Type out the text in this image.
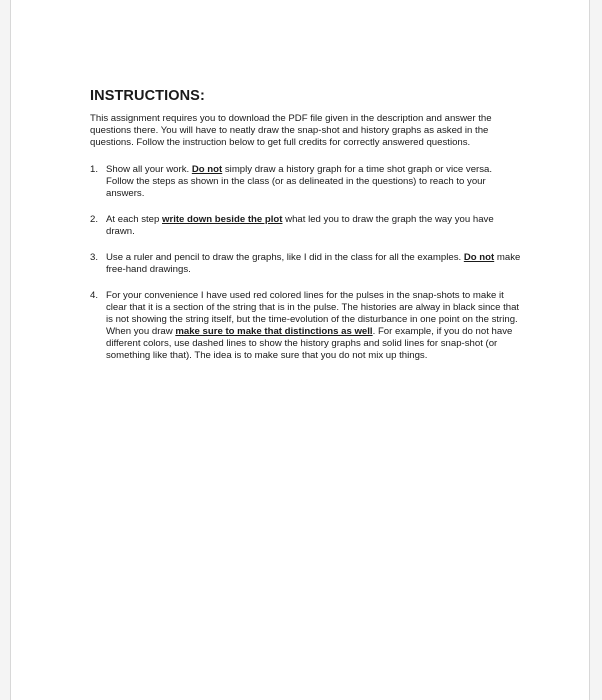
INSTRUCTIONS:

This assignment requires you to download the PDF file given in the description and answer the questions there. You will have to neatly draw the snap-shot and history graphs as asked in the questions. Follow the instruction below to get full credits for correctly answered questions.

1. Show all your work. Do not simply draw a history graph for a time shot graph or vice versa. Follow the steps as shown in the class (or as delineated in the questions) to reach to your answers.
2. At each step write down beside the plot what led you to draw the graph the way you have drawn.
3. Use a ruler and pencil to draw the graphs, like I did in the class for all the examples. Do not make free-hand drawings.
4. For your convenience I have used red colored lines for the pulses in the snap-shots to make it clear that it is a section of the string that is in the pulse. The histories are alway in black since that is not showing the string itself, but the time-evolution of the disturbance in one point on the string. When you draw make sure to make that distinctions as well. For example, if you do not have different colors, use dashed lines to show the history graphs and solid lines for snap-shot (or something like that). The idea is to make sure that you do not mix up things.
